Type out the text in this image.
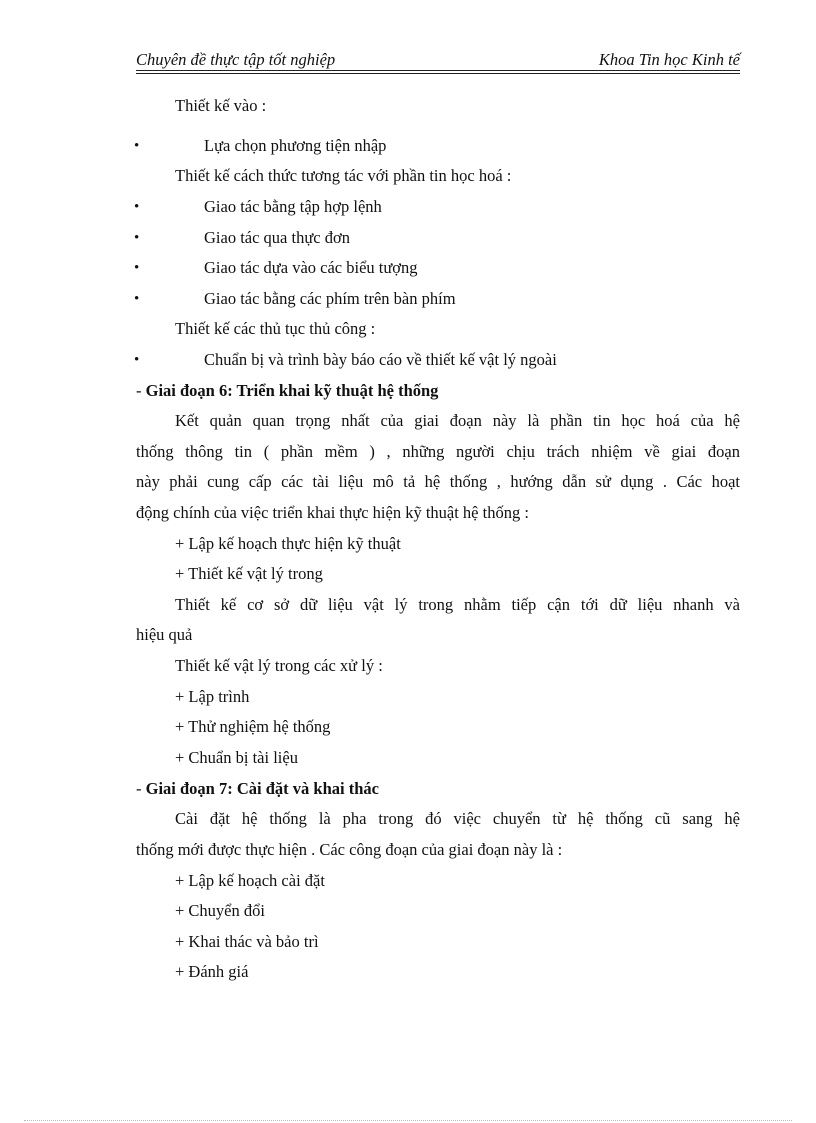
Chuyên đề thực tập tốt nghiệp	Khoa Tin học Kinh tế
Thiết kế vào :
•	Lựa chọn phương tiện nhập
Thiết kế cách thức tương tác với phần tin học hoá :
•	Giao tác bằng tập hợp lệnh
•	Giao tác qua thực đơn
•	Giao tác dựa vào các biểu tượng
•	Giao tác bằng các phím trên bàn phím
Thiết kế các thủ tục thủ công :
•	Chuẩn bị và trình bày báo cáo về thiết kế vật lý ngoài
- Giai đoạn 6: Triển khai kỹ thuật hệ thống
Kết quản quan trọng nhất của giai đoạn này là phần tin học hoá của hệ
thống thông tin ( phần mềm ) , những người chịu trách nhiệm về giai đoạn
này phải cung cấp các tài liệu mô tả hệ thống , hướng dẫn sử dụng . Các hoạt
động chính của việc triển khai thực hiện kỹ thuật hệ thống :
+ Lập kế hoạch thực hiện kỹ thuật
+ Thiết kế vật lý trong
Thiết kế cơ sở dữ liệu vật lý trong nhằm tiếp cận tới dữ liệu nhanh và
hiệu quả
Thiết kế vật lý trong các xử lý :
+ Lập trình
+ Thử nghiệm hệ thống
+ Chuẩn bị tài liệu
- Giai đoạn 7: Cài đặt và khai thác
Cài đặt hệ thống là pha trong đó việc chuyển từ hệ thống cũ sang hệ
thống mới được thực hiện . Các công đoạn của giai đoạn này là :
+ Lập kế hoạch cài đặt
+ Chuyển đổi
+ Khai thác và bảo trì
+ Đánh giá
